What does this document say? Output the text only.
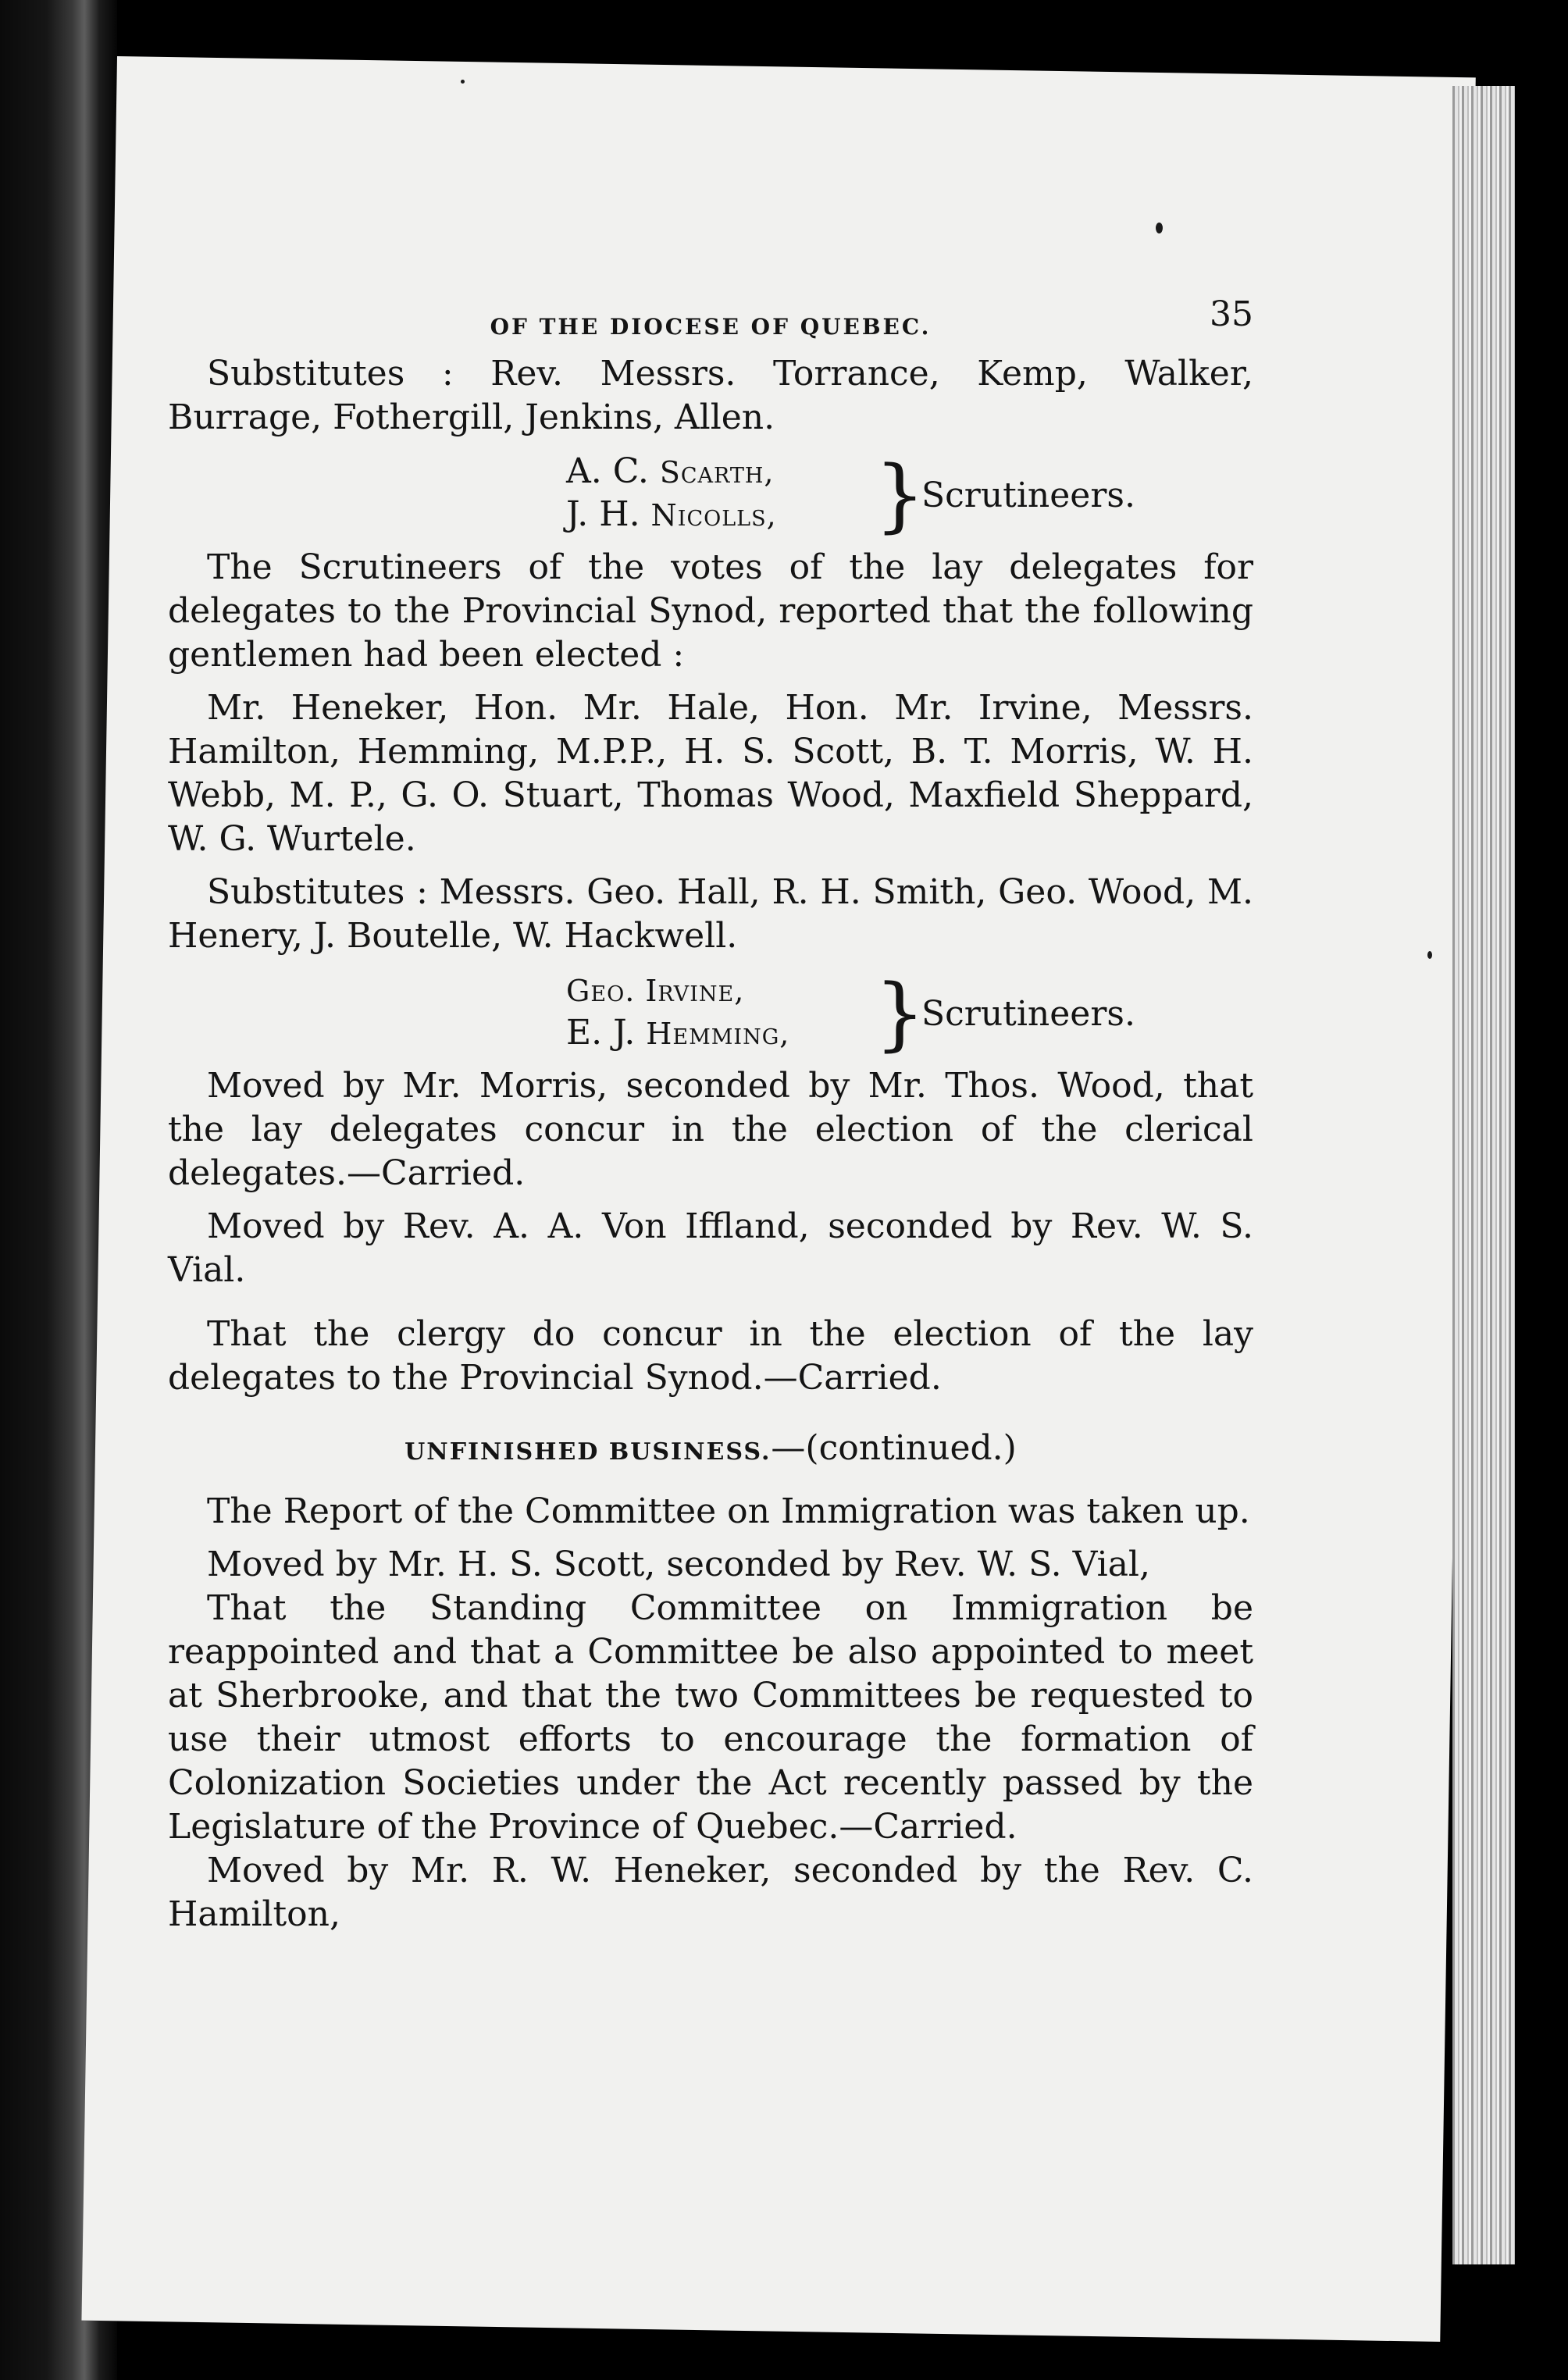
OF THE DIOCESE OF QUEBEC.	35

Substitutes : Rev. Messrs. Torrance, Kemp, Walker, Burrage, Fothergill, Jenkins, Allen.

A. C. Scarth,
J. H. Nicolls, }
Scrutineers.

The Scrutineers of the votes of the lay delegates for delegates to the Provincial Synod, reported that the following gentlemen had been elected :

Mr. Heneker, Hon. Mr. Hale, Hon. Mr. Irvine, Messrs. Hamilton, Hemming, M.P.P., H. S. Scott, B. T. Morris, W. H. Webb, M. P., G. O. Stuart, Thomas Wood, Maxfield Sheppard, W. G. Wurtele.

Substitutes : Messrs. Geo. Hall, R. H. Smith, Geo. Wood, M. Henery, J. Boutelle, W. Hackwell.

Geo. Irvine,
E. J. Hemming, }
Scrutineers.

Moved by Mr. Morris, seconded by Mr. Thos. Wood, that the lay delegates concur in the election of the clerical delegates.—Carried.

Moved by Rev. A. A. Von Iffland, seconded by Rev. W. S. Vial.

That the clergy do concur in the election of the lay delegates to the Provincial Synod.—Carried.

UNFINISHED BUSINESS.—(continued.)

The Report of the Committee on Immigration was taken up.

Moved by Mr. H. S. Scott, seconded by Rev. W. S. Vial,

That the Standing Committee on Immigration be reappointed and that a Committee be also appointed to meet at Sherbrooke, and that the two Committees be requested to use their utmost efforts to encourage the formation of Colonization Societies under the Act recently passed by the Legislature of the Province of Quebec.—Carried.

Moved by Mr. R. W. Heneker, seconded by the Rev. C. Hamilton,
